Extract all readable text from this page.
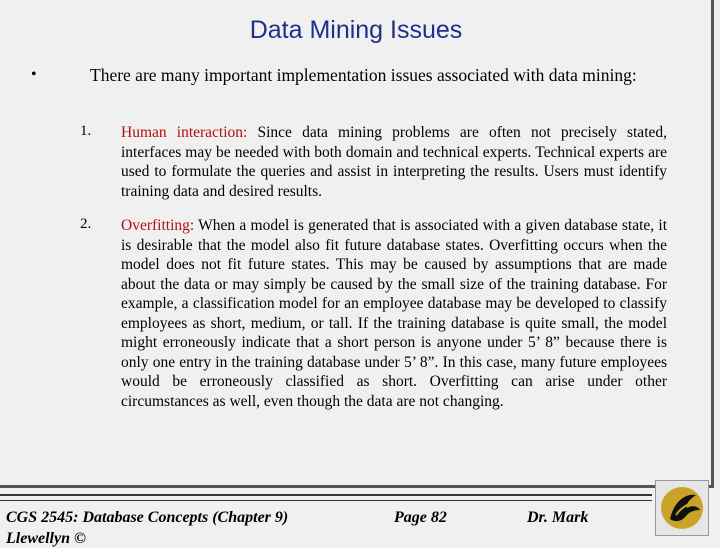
Data Mining Issues
•	There are many important implementation issues associated with data mining:
1. Human interaction: Since data mining problems are often not precisely stated, interfaces may be needed with both domain and technical experts. Technical experts are used to formulate the queries and assist in interpreting the results. Users must identify training data and desired results.
2. Overfitting: When a model is generated that is associated with a given database state, it is desirable that the model also fit future database states. Overfitting occurs when the model does not fit future states. This may be caused by assumptions that are made about the data or may simply be caused by the small size of the training database. For example, a classification model for an employee database may be developed to classify employees as short, medium, or tall. If the training database is quite small, the model might erroneously indicate that a short person is anyone under 5’ 8” because there is only one entry in the training database under 5’ 8”. In this case, many future employees would be erroneously classified as short. Overfitting can arise under other circumstances as well, even though the data are not changing.
CGS 2545: Database Concepts (Chapter 9)	Page 82	Dr. Mark
Llewellyn ©
